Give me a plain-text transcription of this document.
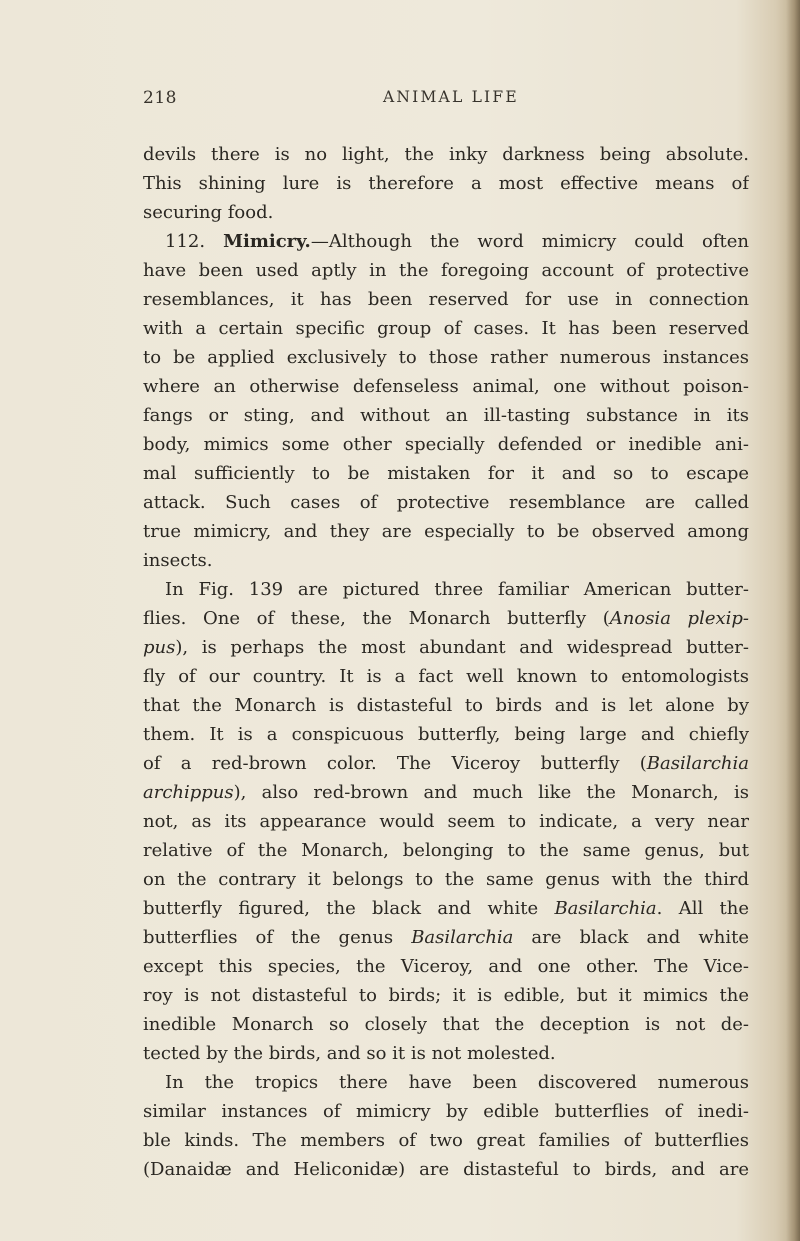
218	ANIMAL LIFE
devils there is no light, the inky darkness being absolute.
This shining lure is therefore a most effective means of
securing food.
112. Mimicry.—Although the word mimicry could often
have been used aptly in the foregoing account of protective
resemblances, it has been reserved for use in connection
with a certain specific group of cases. It has been reserved
to be applied exclusively to those rather numerous instances
where an otherwise defenseless animal, one without poison-
fangs or sting, and without an ill-tasting substance in its
body, mimics some other specially defended or inedible ani-
mal sufficiently to be mistaken for it and so to escape
attack. Such cases of protective resemblance are called
true mimicry, and they are especially to be observed among
insects.
In Fig. 139 are pictured three familiar American butter-
flies. One of these, the Monarch butterfly (Anosia plexip-
pus), is perhaps the most abundant and widespread butter-
fly of our country. It is a fact well known to entomologists
that the Monarch is distasteful to birds and is let alone by
them. It is a conspicuous butterfly, being large and chiefly
of a red-brown color. The Viceroy butterfly (Basilarchia
archippus), also red-brown and much like the Monarch, is
not, as its appearance would seem to indicate, a very near
relative of the Monarch, belonging to the same genus, but
on the contrary it belongs to the same genus with the third
butterfly figured, the black and white Basilarchia. All the
butterflies of the genus Basilarchia are black and white
except this species, the Viceroy, and one other. The Vice-
roy is not distasteful to birds; it is edible, but it mimics the
inedible Monarch so closely that the deception is not de-
tected by the birds, and so it is not molested.
In the tropics there have been discovered numerous
similar instances of mimicry by edible butterflies of inedi-
ble kinds. The members of two great families of butterflies
(Danaidæ and Heliconidæ) are distasteful to birds, and are
